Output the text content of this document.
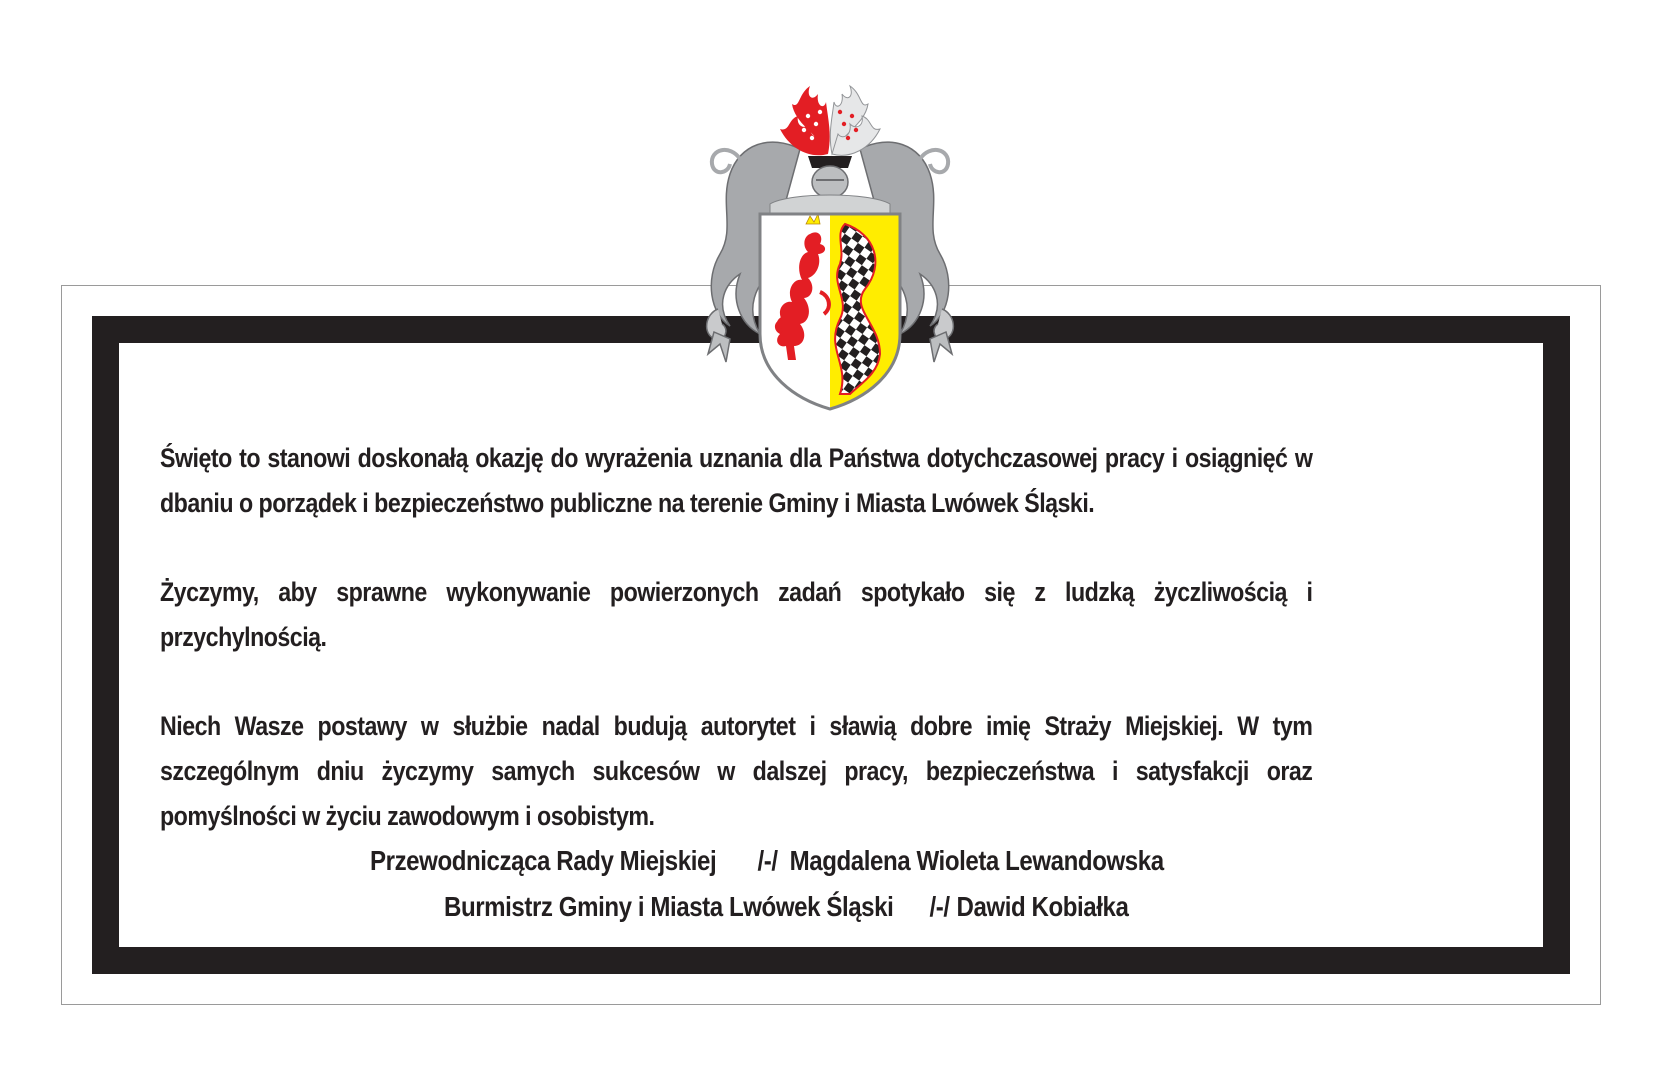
Święto to stanowi doskonałą okazję do wyrażenia uznania dla Państwa dotychczasowej pracy i osiągnięć w dbaniu o porządek i bezpieczeństwo publiczne na terenie Gminy i Miasta Lwówek Śląski.

Życzymy, aby sprawne wykonywanie powierzonych zadań spotykało się z ludzką życzliwością i przychylnością.

Niech Wasze postawy w służbie nadal budują autorytet i sławią dobre imię Straży Miejskiej. W tym szczególnym dniu życzymy samych sukcesów w dalszej pracy, bezpieczeństwa i satysfakcji oraz pomyślności w życiu zawodowym i osobistym.

Przewodnicząca Rady Miejskiej /-/ Magdalena Wioleta Lewandowska
Burmistrz Gminy i Miasta Lwówek Śląski /-/ Dawid Kobiałka
